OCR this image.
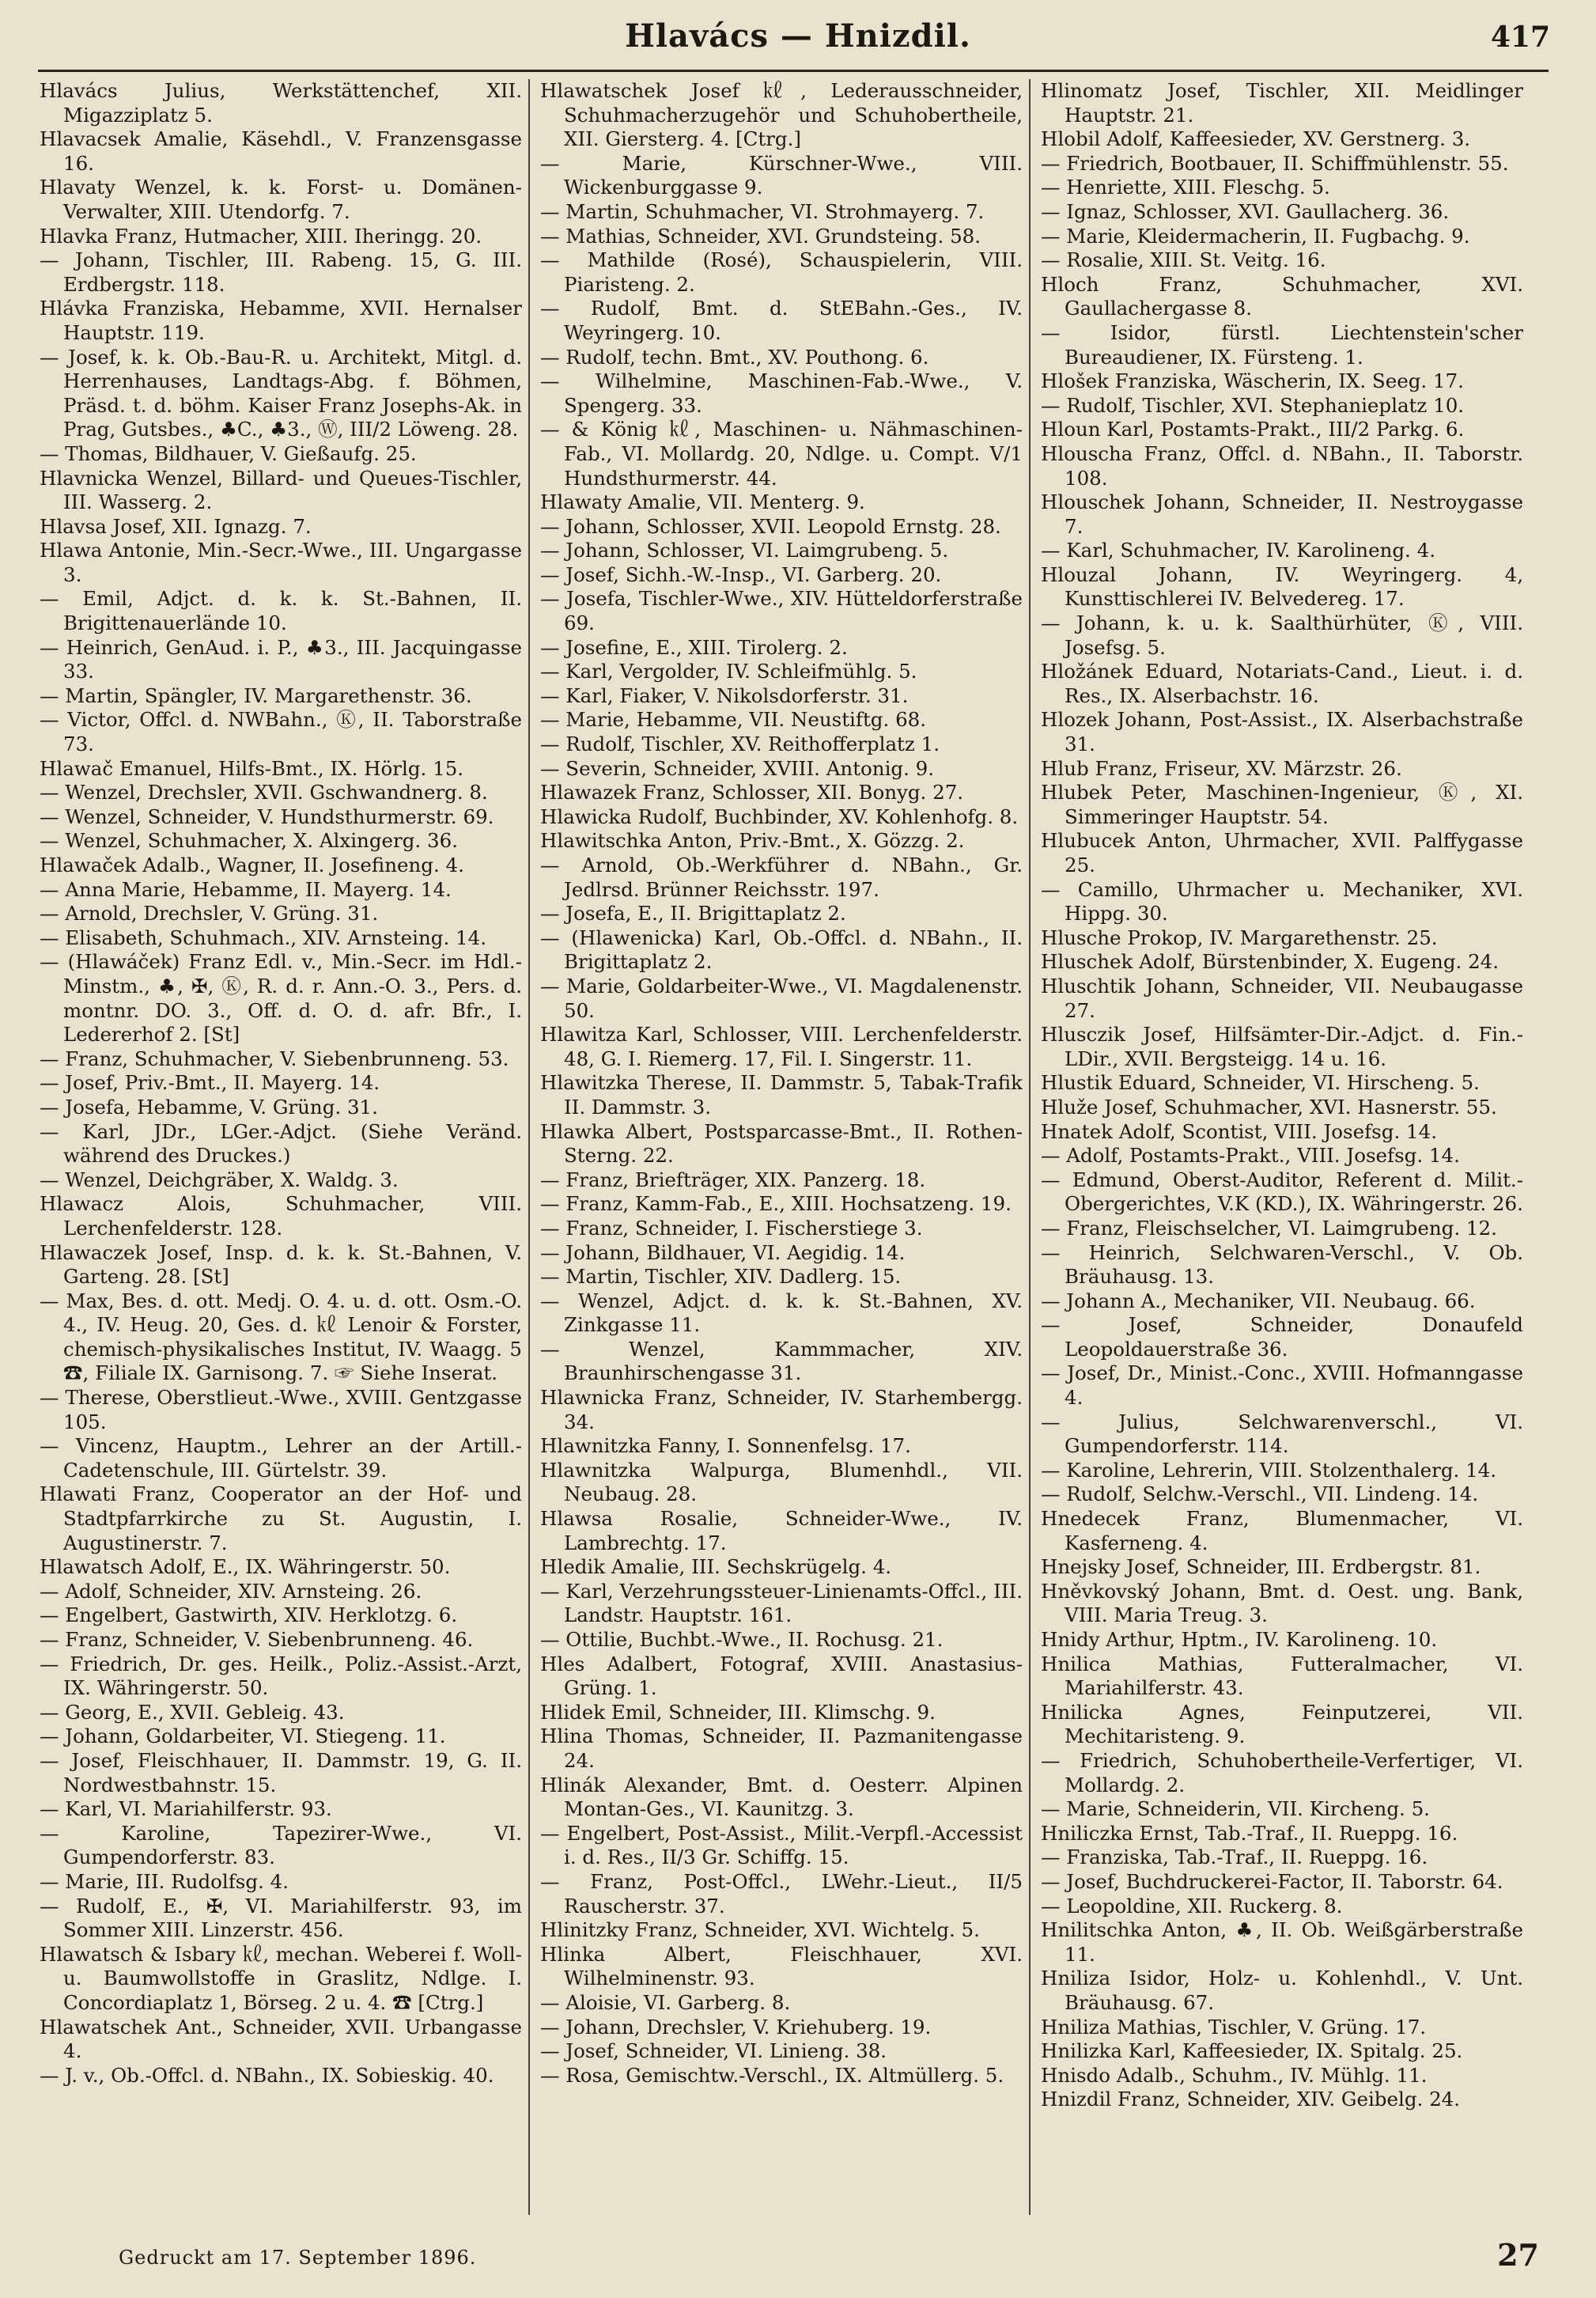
Hlavács — Hnizdil.	417
Hlavács Julius, Werkstättenchef, XII. Migazziplatz 5.
Hlavacsek Amalie, Käsehdl., V. Franzensgasse 16.
Hlavaty Wenzel, k. k. Forst- u. Domänen-Verwalter, XIII. Utendorfg. 7.
Hlavka Franz, Hutmacher, XIII. Iheringg. 20.
— Johann, Tischler, III. Rabeng. 15, G. III. Erdbergstr. 118.
Hlávka Franziska, Hebamme, XVII. Hernalser Hauptstr. 119.
— Josef, k. k. Ob.-Bau-R. u. Architekt, Mitgl. d. Herrenhauses, Landtags-Abg. f. Böhmen, Präsd. t. d. böhm. Kaiser Franz Josephs-Ak. in Prag, Gutsbes., ♣C., ♣3., Ⓦ, III/2 Löweng. 28.
— Thomas, Bildhauer, V. Gießaufg. 25.
Hlavnicka Wenzel, Billard- und Queues-Tischler, III. Wasserg. 2.
Hlavsa Josef, XII. Ignazg. 7.
Hlawa Antonie, Min.-Secr.-Wwe., III. Ungargasse 3.
— Emil, Adjct. d. k. k. St.-Bahnen, II. Brigittenauerlände 10.
— Heinrich, GenAud. i. P., ♣3., III. Jacquingasse 33.
— Martin, Spängler, IV. Margarethenstr. 36.
— Victor, Offcl. d. NWBahn., Ⓚ, II. Taborstraße 73.
Hlawač Emanuel, Hilfs-Bmt., IX. Hörlg. 15.
— Wenzel, Drechsler, XVII. Gschwandnerg. 8.
— Wenzel, Schneider, V. Hundsthurmerstr. 69.
— Wenzel, Schuhmacher, X. Alxingerg. 36.
Hlawaček Adalb., Wagner, II. Josefineng. 4.
— Anna Marie, Hebamme, II. Mayerg. 14.
— Arnold, Drechsler, V. Grüng. 31.
— Elisabeth, Schuhmach., XIV. Arnsteing. 14.
— (Hlawáček) Franz Edl. v., Min.-Secr. im Hdl.-Minstm., ♣, ✠, Ⓚ, R. d. r. Ann.-O. 3., Pers. d. montnr. DO. 3., Off. d. O. d. afr. Bfr., I. Ledererhof 2. [St]
— Franz, Schuhmacher, V. Siebenbrunneng. 53.
— Josef, Priv.-Bmt., II. Mayerg. 14.
— Josefa, Hebamme, V. Grüng. 31.
— Karl, JDr., LGer.-Adjct. (Siehe Veränd. während des Druckes.)
— Wenzel, Deichgräber, X. Waldg. 3.
Hlawacz Alois, Schuhmacher, VIII. Lerchenfelderstr. 128.
Hlawaczek Josef, Insp. d. k. k. St.-Bahnen, V. Garteng. 28. [St]
— Max, Bes. d. ott. Medj. O. 4. u. d. ott. Osm.-O. 4., IV. Heug. 20, Ges. d. ㎘ Lenoir & Forster, chemisch-physikalisches Institut, IV. Waagg. 5 ☎, Filiale IX. Garnisong. 7. ☞ Siehe Inserat.
— Therese, Oberstlieut.-Wwe., XVIII. Gentzgasse 105.
— Vincenz, Hauptm., Lehrer an der Artill.-Cadetenschule, III. Gürtelstr. 39.
Hlawati Franz, Cooperator an der Hof- und Stadtpfarrkirche zu St. Augustin, I. Augustinerstr. 7.
Hlawatsch Adolf, E., IX. Währingerstr. 50.
— Adolf, Schneider, XIV. Arnsteing. 26.
— Engelbert, Gastwirth, XIV. Herklotzg. 6.
— Franz, Schneider, V. Siebenbrunneng. 46.
— Friedrich, Dr. ges. Heilk., Poliz.-Assist.-Arzt, IX. Währingerstr. 50.
— Georg, E., XVII. Gebleig. 43.
— Johann, Goldarbeiter, VI. Stiegeng. 11.
— Josef, Fleischhauer, II. Dammstr. 19, G. II. Nordwestbahnstr. 15.
— Karl, VI. Mariahilferstr. 93.
— Karoline, Tapezirer-Wwe., VI. Gumpendorferstr. 83.
— Marie, III. Rudolfsg. 4.
— Rudolf, E., ✠, VI. Mariahilferstr. 93, im Sommer XIII. Linzerstr. 456.
Hlawatsch & Isbary ㎘, mechan. Weberei f. Woll- u. Baumwollstoffe in Graslitz, Ndlge. I. Concordiaplatz 1, Börseg. 2 u. 4. ☎ [Ctrg.]
Hlawatschek Ant., Schneider, XVII. Urbangasse 4.
— J. v., Ob.-Offcl. d. NBahn., IX. Sobieskig. 40.
Hlawatschek Josef ㎘, Lederausschneider, Schuhmacherzugehör und Schuhobertheile, XII. Giersterg. 4. [Ctrg.]
— Marie, Kürschner-Wwe., VIII. Wickenburggasse 9.
— Martin, Schuhmacher, VI. Strohmayerg. 7.
— Mathias, Schneider, XVI. Grundsteing. 58.
— Mathilde (Rosé), Schauspielerin, VIII. Piaristeng. 2.
— Rudolf, Bmt. d. StEBahn.-Ges., IV. Weyringerg. 10.
— Rudolf, techn. Bmt., XV. Pouthong. 6.
— Wilhelmine, Maschinen-Fab.-Wwe., V. Spengerg. 33.
— & König ㎘, Maschinen- u. Nähmaschinen-Fab., VI. Mollardg. 20, Ndlge. u. Compt. V/1 Hundsthurmerstr. 44.
Hlawaty Amalie, VII. Menterg. 9.
— Johann, Schlosser, XVII. Leopold Ernstg. 28.
— Johann, Schlosser, VI. Laimgrubeng. 5.
— Josef, Sichh.-W.-Insp., VI. Garberg. 20.
— Josefa, Tischler-Wwe., XIV. Hütteldorferstraße 69.
— Josefine, E., XIII. Tirolerg. 2.
— Karl, Vergolder, IV. Schleifmühlg. 5.
— Karl, Fiaker, V. Nikolsdorferstr. 31.
— Marie, Hebamme, VII. Neustiftg. 68.
— Rudolf, Tischler, XV. Reithofferplatz 1.
— Severin, Schneider, XVIII. Antonig. 9.
Hlawazek Franz, Schlosser, XII. Bonyg. 27.
Hlawicka Rudolf, Buchbinder, XV. Kohlenhofg. 8.
Hlawitschka Anton, Priv.-Bmt., X. Gözzg. 2.
— Arnold, Ob.-Werkführer d. NBahn., Gr. Jedlrsd. Brünner Reichsstr. 197.
— Josefa, E., II. Brigittaplatz 2.
— (Hlawenicka) Karl, Ob.-Offcl. d. NBahn., II. Brigittaplatz 2.
— Marie, Goldarbeiter-Wwe., VI. Magdalenenstr. 50.
Hlawitza Karl, Schlosser, VIII. Lerchenfelderstr. 48, G. I. Riemerg. 17, Fil. I. Singerstr. 11.
Hlawitzka Therese, II. Dammstr. 5, Tabak-Trafik II. Dammstr. 3.
Hlawka Albert, Postsparcasse-Bmt., II. Rothen-Sterng. 22.
— Franz, Briefträger, XIX. Panzerg. 18.
— Franz, Kamm-Fab., E., XIII. Hochsatzeng. 19.
— Franz, Schneider, I. Fischerstiege 3.
— Johann, Bildhauer, VI. Aegidig. 14.
— Martin, Tischler, XIV. Dadlerg. 15.
— Wenzel, Adjct. d. k. k. St.-Bahnen, XV. Zinkgasse 11.
— Wenzel, Kammmacher, XIV. Braunhirschengasse 31.
Hlawnicka Franz, Schneider, IV. Starhembergg. 34.
Hlawnitzka Fanny, I. Sonnenfelsg. 17.
Hlawnitzka Walpurga, Blumenhdl., VII. Neubaug. 28.
Hlawsa Rosalie, Schneider-Wwe., IV. Lambrechtg. 17.
Hledik Amalie, III. Sechskrügelg. 4.
— Karl, Verzehrungssteuer-Linienamts-Offcl., III. Landstr. Hauptstr. 161.
— Ottilie, Buchbt.-Wwe., II. Rochusg. 21.
Hles Adalbert, Fotograf, XVIII. Anastasius-Grüng. 1.
Hlidek Emil, Schneider, III. Klimschg. 9.
Hlina Thomas, Schneider, II. Pazmanitengasse 24.
Hlinák Alexander, Bmt. d. Oesterr. Alpinen Montan-Ges., VI. Kaunitzg. 3.
— Engelbert, Post-Assist., Milit.-Verpfl.-Accessist i. d. Res., II/3 Gr. Schiffg. 15.
— Franz, Post-Offcl., LWehr.-Lieut., II/5 Rauscherstr. 37.
Hlinitzky Franz, Schneider, XVI. Wichtelg. 5.
Hlinka Albert, Fleischhauer, XVI. Wilhelminenstr. 93.
— Aloisie, VI. Garberg. 8.
— Johann, Drechsler, V. Kriehuberg. 19.
— Josef, Schneider, VI. Linieng. 38.
— Rosa, Gemischtw.-Verschl., IX. Altmüllerg. 5.
Hlinomatz Josef, Tischler, XII. Meidlinger Hauptstr. 21.
Hlobil Adolf, Kaffeesieder, XV. Gerstnerg. 3.
— Friedrich, Bootbauer, II. Schiffmühlenstr. 55.
— Henriette, XIII. Fleschg. 5.
— Ignaz, Schlosser, XVI. Gaullacherg. 36.
— Marie, Kleidermacherin, II. Fugbachg. 9.
— Rosalie, XIII. St. Veitg. 16.
Hloch Franz, Schuhmacher, XVI. Gaullachergasse 8.
— Isidor, fürstl. Liechtenstein'scher Bureaudiener, IX. Fürsteng. 1.
Hlošek Franziska, Wäscherin, IX. Seeg. 17.
— Rudolf, Tischler, XVI. Stephanieplatz 10.
Hloun Karl, Postamts-Prakt., III/2 Parkg. 6.
Hlouscha Franz, Offcl. d. NBahn., II. Taborstr. 108.
Hlouschek Johann, Schneider, II. Nestroygasse 7.
— Karl, Schuhmacher, IV. Karolineng. 4.
Hlouzal Johann, IV. Weyringerg. 4, Kunsttischlerei IV. Belvedereg. 17.
— Johann, k. u. k. Saalthürhüter, Ⓚ, VIII. Josefsg. 5.
Hložánek Eduard, Notariats-Cand., Lieut. i. d. Res., IX. Alserbachstr. 16.
Hlozek Johann, Post-Assist., IX. Alserbachstraße 31.
Hlub Franz, Friseur, XV. Märzstr. 26.
Hlubek Peter, Maschinen-Ingenieur, Ⓚ, XI. Simmeringer Hauptstr. 54.
Hlubucek Anton, Uhrmacher, XVII. Palffygasse 25.
— Camillo, Uhrmacher u. Mechaniker, XVI. Hippg. 30.
Hlusche Prokop, IV. Margarethenstr. 25.
Hluschek Adolf, Bürstenbinder, X. Eugeng. 24.
Hluschtik Johann, Schneider, VII. Neubaugasse 27.
Hlusczik Josef, Hilfsämter-Dir.-Adjct. d. Fin.-LDir., XVII. Bergsteigg. 14 u. 16.
Hlustik Eduard, Schneider, VI. Hirscheng. 5.
Hluže Josef, Schuhmacher, XVI. Hasnerstr. 55.
Hnatek Adolf, Scontist, VIII. Josefsg. 14.
— Adolf, Postamts-Prakt., VIII. Josefsg. 14.
— Edmund, Oberst-Auditor, Referent d. Milit.-Obergerichtes, V.K (KD.), IX. Währingerstr. 26.
— Franz, Fleischselcher, VI. Laimgrubeng. 12.
— Heinrich, Selchwaren-Verschl., V. Ob. Bräuhausg. 13.
— Johann A., Mechaniker, VII. Neubaug. 66.
— Josef, Schneider, Donaufeld Leopoldauerstraße 36.
— Josef, Dr., Minist.-Conc., XVIII. Hofmanngasse 4.
— Julius, Selchwarenverschl., VI. Gumpendorferstr. 114.
— Karoline, Lehrerin, VIII. Stolzenthalerg. 14.
— Rudolf, Selchw.-Verschl., VII. Lindeng. 14.
Hnedecek Franz, Blumenmacher, VI. Kasferneng. 4.
Hnejsky Josef, Schneider, III. Erdbergstr. 81.
Hněvkovský Johann, Bmt. d. Oest. ung. Bank, VIII. Maria Treug. 3.
Hnidy Arthur, Hptm., IV. Karolineng. 10.
Hnilica Mathias, Futteralmacher, VI. Mariahilferstr. 43.
Hnilicka Agnes, Feinputzerei, VII. Mechitaristeng. 9.
— Friedrich, Schuhobertheile-Verfertiger, VI. Mollardg. 2.
— Marie, Schneiderin, VII. Kircheng. 5.
Hniliczka Ernst, Tab.-Traf., II. Rueppg. 16.
— Franziska, Tab.-Traf., II. Rueppg. 16.
— Josef, Buchdruckerei-Factor, II. Taborstr. 64.
— Leopoldine, XII. Ruckerg. 8.
Hnilitschka Anton, ♣, II. Ob. Weißgärberstraße 11.
Hniliza Isidor, Holz- u. Kohlenhdl., V. Unt. Bräuhausg. 67.
Hniliza Mathias, Tischler, V. Grüng. 17.
Hnilizka Karl, Kaffeesieder, IX. Spitalg. 25.
Hnisdo Adalb., Schuhm., IV. Mühlg. 11.
Hnizdil Franz, Schneider, XIV. Geibelg. 24.
Gedruckt am 17. September 1896.	27
